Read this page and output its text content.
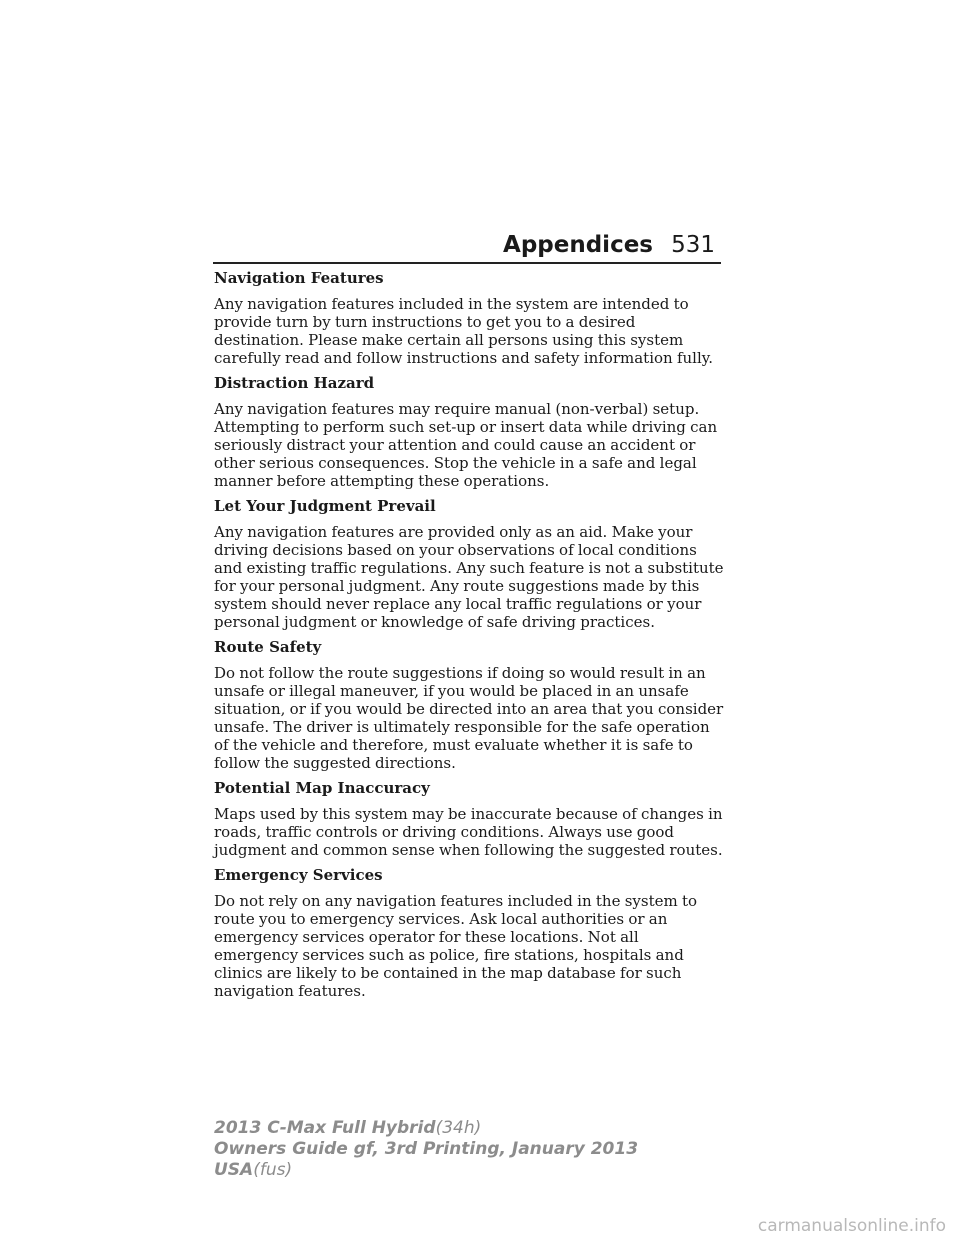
Appendices 531
Navigation Features

Any navigation features included in the system are intended to provide turn by turn instructions to get you to a desired destination. Please make certain all persons using this system carefully read and follow instructions and safety information fully.

Distraction Hazard

Any navigation features may require manual (non-verbal) setup. Attempting to perform such set-up or insert data while driving can seriously distract your attention and could cause an accident or other serious consequences. Stop the vehicle in a safe and legal manner before attempting these operations.

Let Your Judgment Prevail

Any navigation features are provided only as an aid. Make your driving decisions based on your observations of local conditions and existing traffic regulations. Any such feature is not a substitute for your personal judgment. Any route suggestions made by this system should never replace any local traffic regulations or your personal judgment or knowledge of safe driving practices.

Route Safety

Do not follow the route suggestions if doing so would result in an unsafe or illegal maneuver, if you would be placed in an unsafe situation, or if you would be directed into an area that you consider unsafe. The driver is ultimately responsible for the safe operation of the vehicle and therefore, must evaluate whether it is safe to follow the suggested directions.

Potential Map Inaccuracy

Maps used by this system may be inaccurate because of changes in roads, traffic controls or driving conditions. Always use good judgment and common sense when following the suggested routes.

Emergency Services

Do not rely on any navigation features included in the system to route you to emergency services. Ask local authorities or an emergency services operator for these locations. Not all emergency services such as police, fire stations, hospitals and clinics are likely to be contained in the map database for such navigation features.

2013 C-Max Full Hybrid(34h)
Owners Guide gf, 3rd Printing, January 2013
USA(fus)
carmanualsonline.info
